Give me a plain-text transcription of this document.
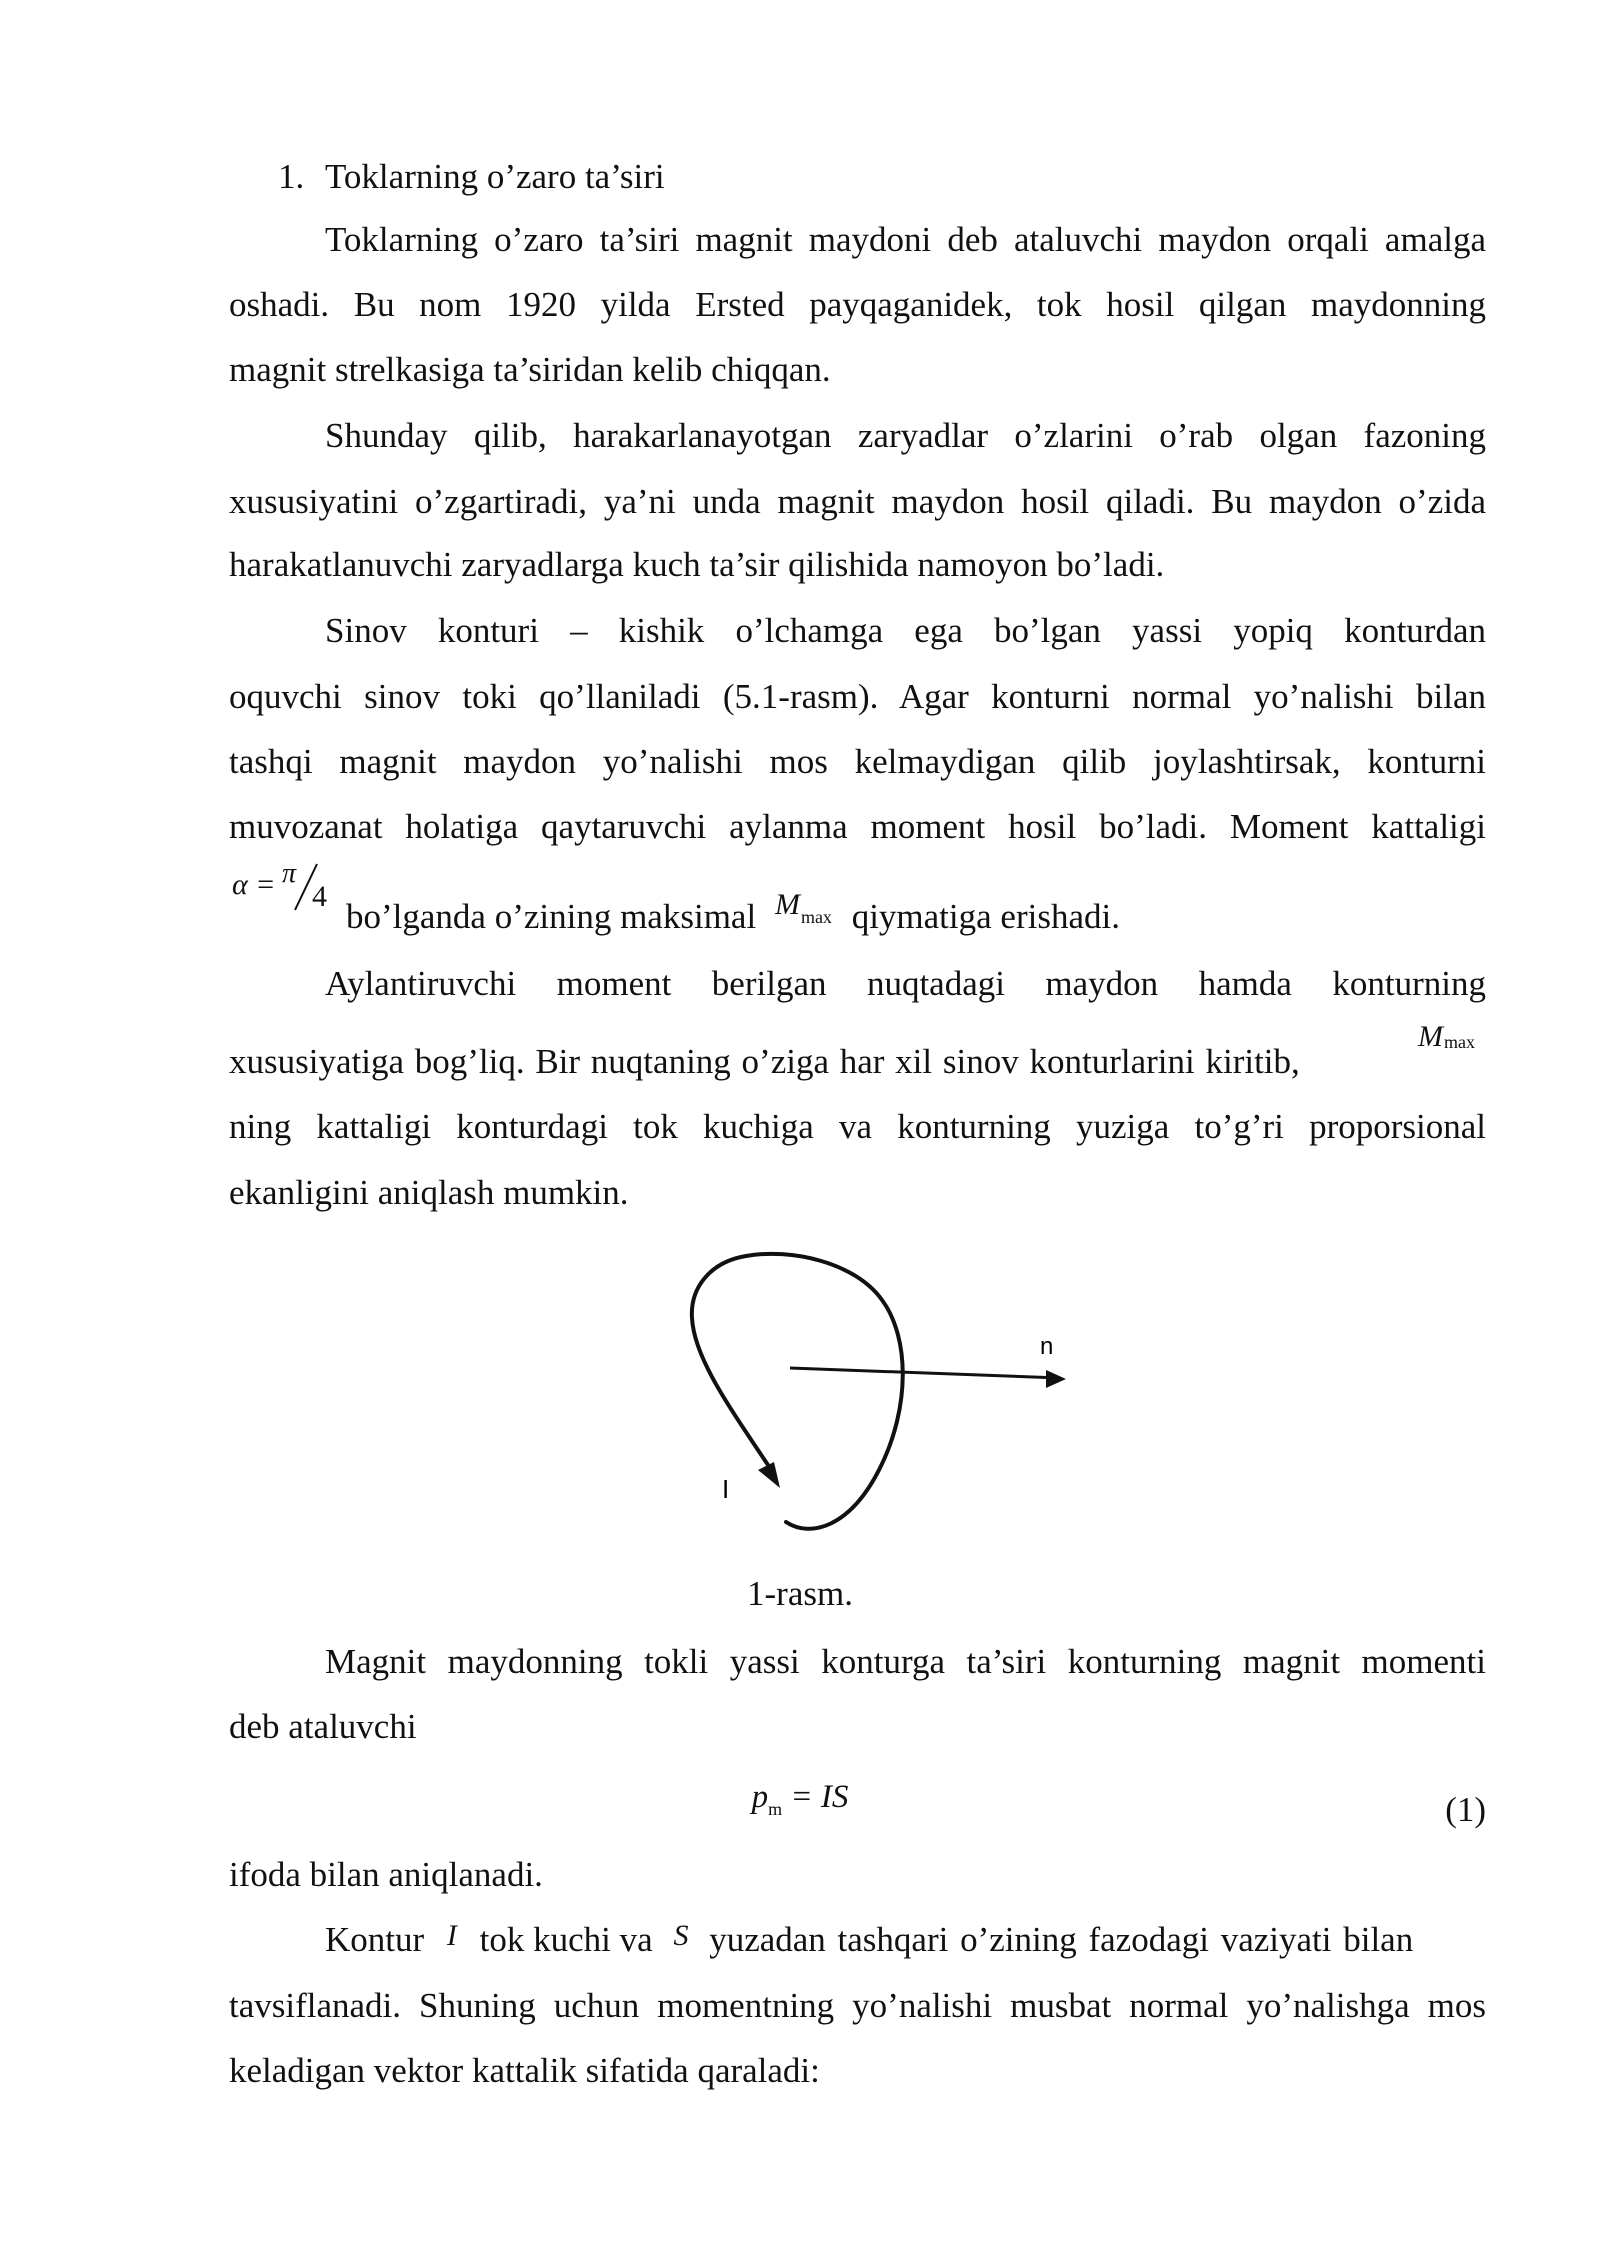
1. Toklarning o’zaro ta’siri
Toklarning o’zaro ta’siri magnit maydoni deb ataluvchi maydon orqali amalga
oshadi. Bu nom 1920 yilda Ersted payqaganidek, tok hosil qilgan maydonning
magnit strelkasiga ta’siridan kelib chiqqan.
Shunday qilib, harakarlanayotgan zaryadlar o’zlarini o’rab olgan fazoning
xususiyatini o’zgartiradi, ya’ni unda magnit maydon hosil qiladi. Bu maydon o’zida
harakatlanuvchi zaryadlarga kuch ta’sir qilishida namoyon bo’ladi.
Sinov konturi – kishik o’lchamga ega bo’lgan yassi yopiq konturdan
oquvchi sinov toki qo’llaniladi (5.1-rasm). Agar konturni normal yo’nalishi bilan
tashqi magnit maydon yo’nalishi mos kelmaydigan qilib joylashtirsak, konturni
muvozanat holatiga qaytaruvchi aylanma moment hosil bo’ladi. Moment kattaligi
α = π
4
bo’lganda o’zining maksimal M max qiymatiga erishadi.
Aylantiruvchi moment berilgan nuqtadagi maydon hamda konturning
xususiyatiga bog’liq. Bir nuqtaning o’ziga har xil sinov konturlarini kiritib,
M max
ning kattaligi konturdagi tok kuchiga va konturning yuziga to’g’ri proporsional
ekanligini aniqlash mumkin.
n
I
1-rasm.
Magnit maydonning tokli yassi konturga ta’siri konturning magnit momenti
deb ataluvchi
$p_m$ = IS	(1)
ifoda bilan aniqlanadi.
Kontur I tok kuchi va S yuzadan tashqari o’zining fazodagi vaziyati bilan
tavsiflanadi. Shuning uchun momentning yo’nalishi musbat normal yo’nalishga mos
keladigan vektor kattalik sifatida qaraladi:
